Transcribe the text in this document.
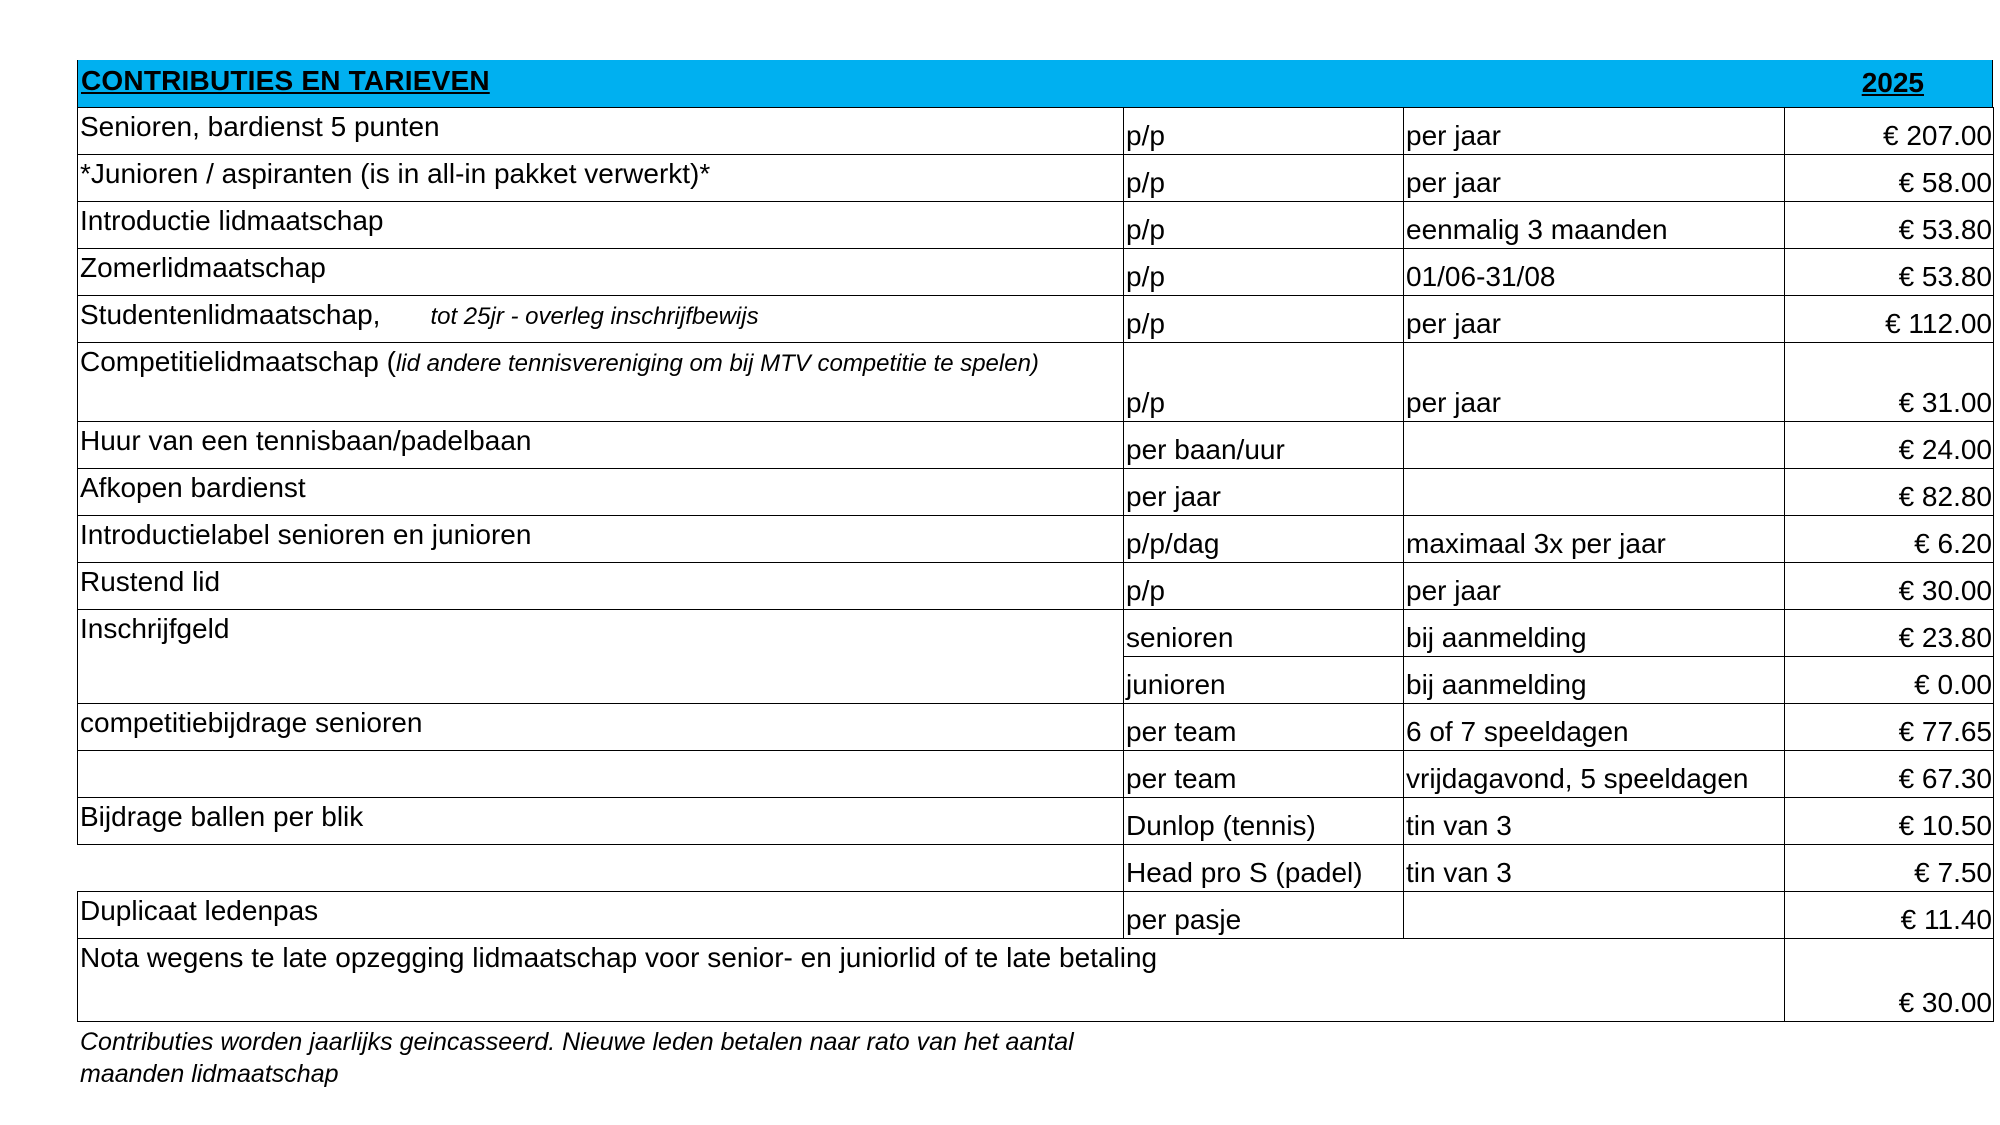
CONTRIBUTIES EN TARIEVEN	2025
Senioren, bardienst 5 punten	p/p	per jaar	€ 207.00
*Junioren / aspiranten (is in all-in pakket verwerkt)*	p/p	per jaar	€ 58.00
Introductie lidmaatschap	p/p	eenmalig 3 maanden	€ 53.80
Zomerlidmaatschap	p/p	01/06-31/08	€ 53.80
Studentenlidmaatschap, tot 25jr - overleg inschrijfbewijs	p/p	per jaar	€ 112.00
Competitielidmaatschap (lid andere tennisvereniging om bij MTV competitie te spelen)	p/p	per jaar	€ 31.00
Huur van een tennisbaan/padelbaan	per baan/uur		€ 24.00
Afkopen bardienst	per jaar		€ 82.80
Introductielabel senioren en junioren	p/p/dag	maximaal 3x per jaar	€ 6.20
Rustend lid	p/p	per jaar	€ 30.00
Inschrijfgeld	senioren	bij aanmelding	€ 23.80
	junioren	bij aanmelding	€ 0.00
competitiebijdrage senioren	per team	6 of 7 speeldagen	€ 77.65
	per team	vrijdagavond, 5 speeldagen	€ 67.30
Bijdrage ballen per blik	Dunlop (tennis)	tin van 3	€ 10.50
	Head pro S (padel)	tin van 3	€ 7.50
Duplicaat ledenpas	per pasje		€ 11.40
Nota wegens te late opzegging lidmaatschap voor senior- en juniorlid of te late betaling			€ 30.00
Contributies worden jaarlijks geincasseerd. Nieuwe leden betalen naar rato van het aantal maanden lidmaatschap
